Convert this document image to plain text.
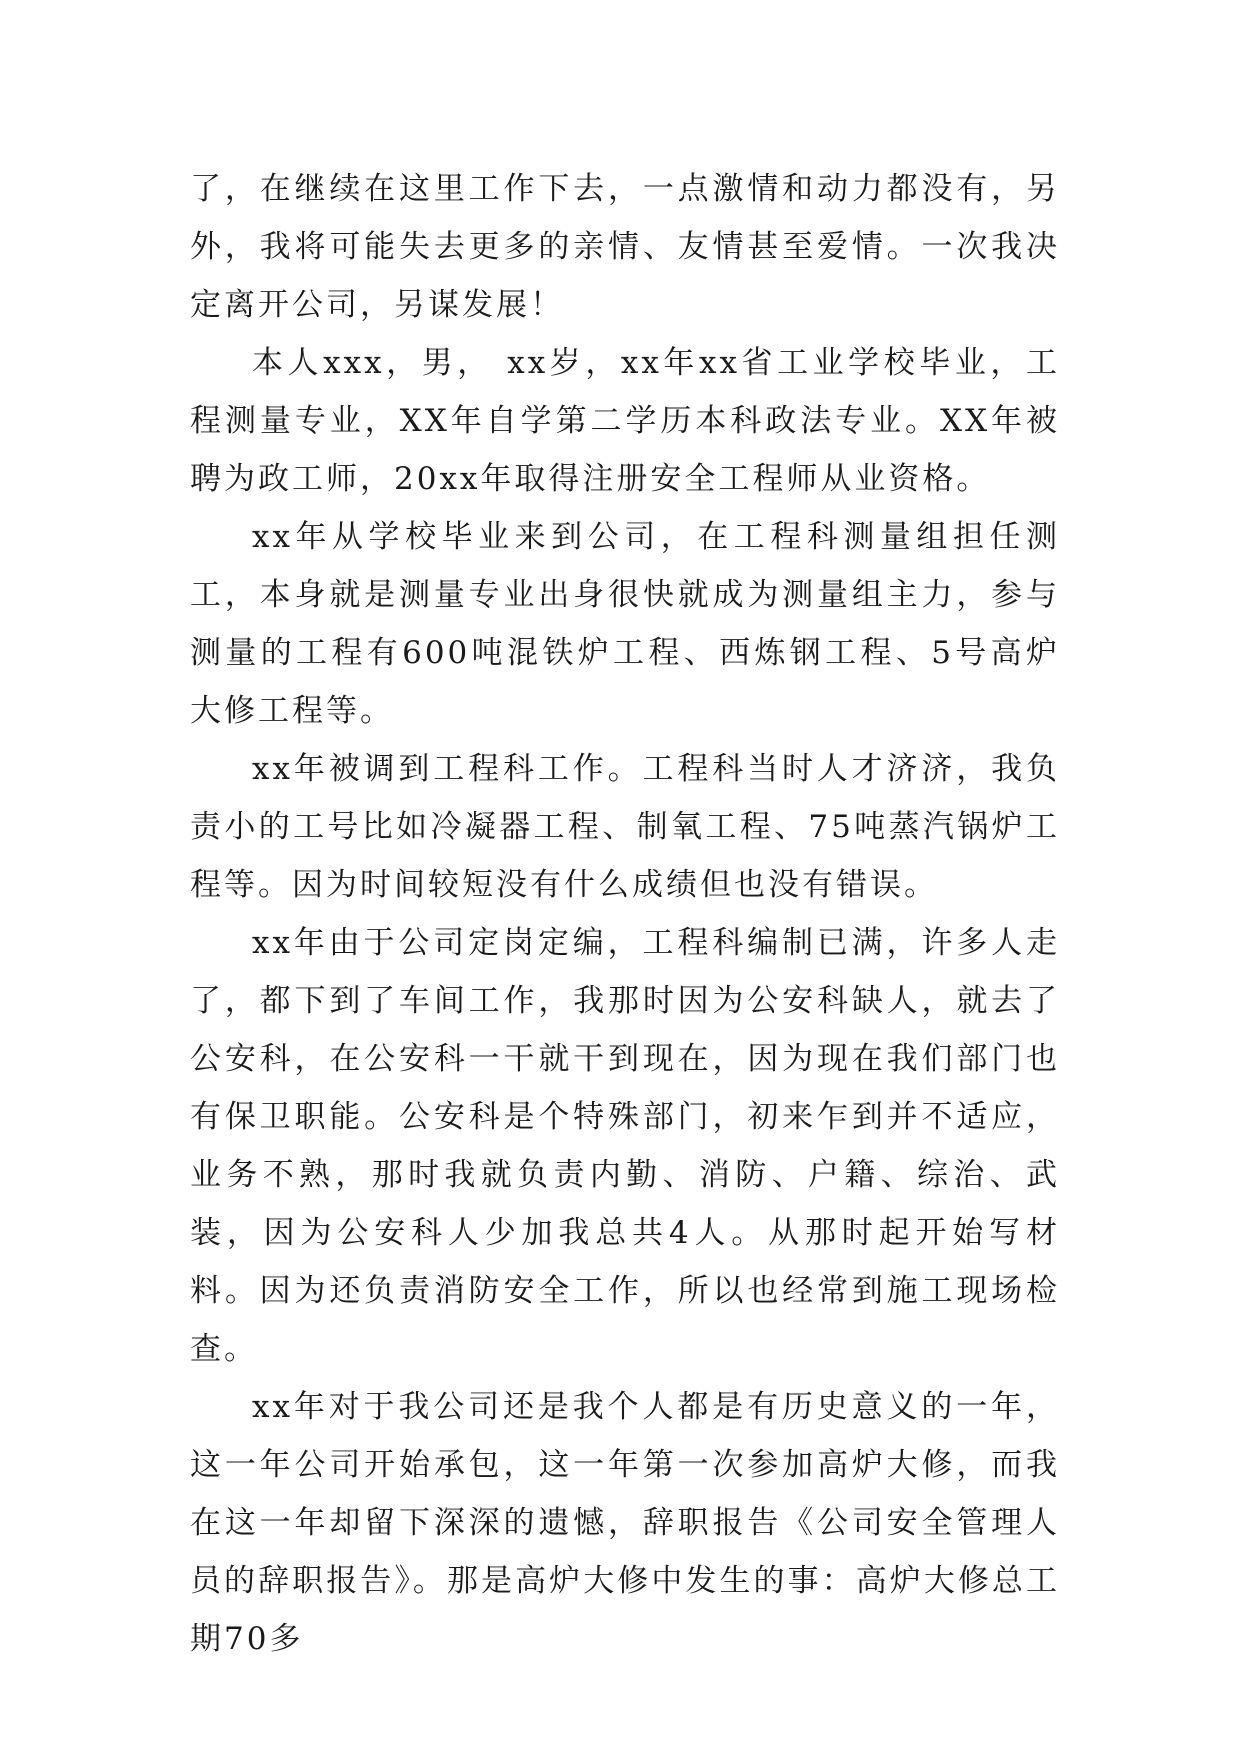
了，在继续在这里工作下去，一点激情和动力都没有，另外，我将可能失去更多的亲情、友情甚至爱情。一次我决定离开公司，另谋发展！

本人xxx，男， xx岁，xx年xx省工业学校毕业，工程测量专业，XX年自学第二学历本科政法专业。XX年被聘为政工师，20xx年取得注册安全工程师从业资格。

xx年从学校毕业来到公司，在工程科测量组担任测工，本身就是测量专业出身很快就成为测量组主力，参与测量的工程有600吨混铁炉工程、西炼钢工程、5号高炉大修工程等。

xx年被调到工程科工作。工程科当时人才济济，我负责小的工号比如冷凝器工程、制氧工程、75吨蒸汽锅炉工程等。因为时间较短没有什么成绩但也没有错误。

xx年由于公司定岗定编，工程科编制已满，许多人走了，都下到了车间工作，我那时因为公安科缺人，就去了公安科，在公安科一干就干到现在，因为现在我们部门也有保卫职能。公安科是个特殊部门，初来乍到并不适应，业务不熟，那时我就负责内勤、消防、户籍、综治、武装，因为公安科人少加我总共4人。从那时起开始写材料。因为还负责消防安全工作，所以也经常到施工现场检查。

xx年对于我公司还是我个人都是有历史意义的一年，这一年公司开始承包，这一年第一次参加高炉大修，而我在这一年却留下深深的遗憾，辞职报告《公司安全管理人员的辞职报告》。那是高炉大修中发生的事：高炉大修总工期70多
